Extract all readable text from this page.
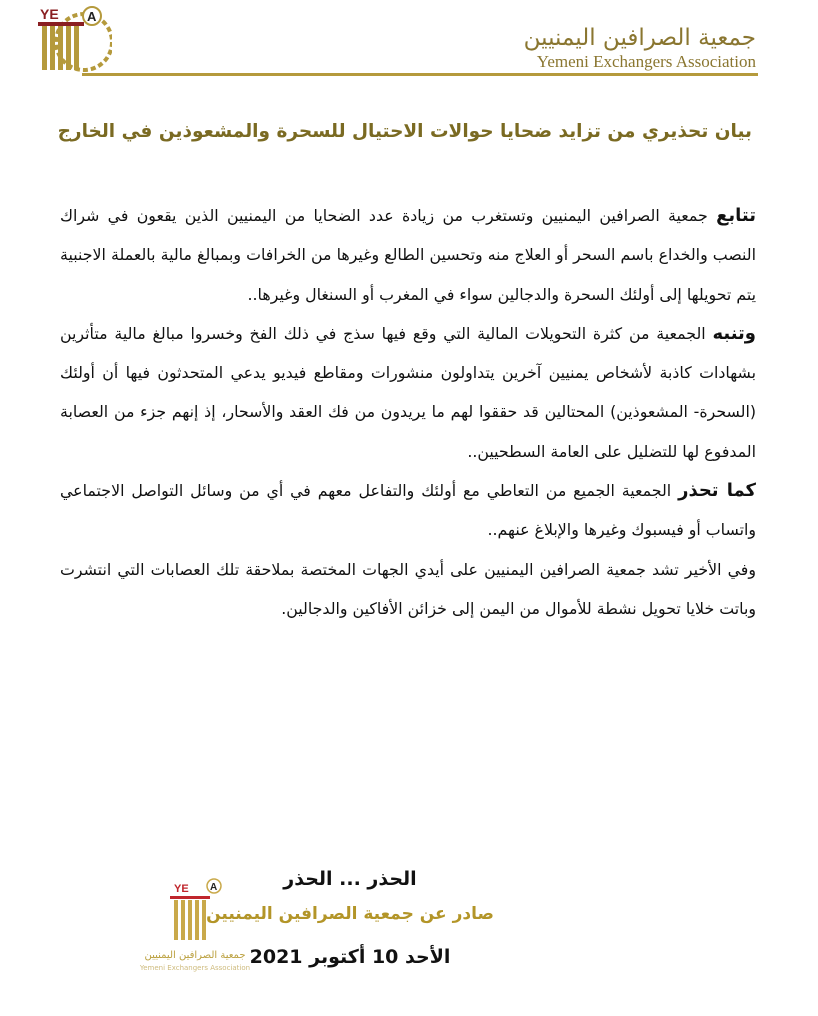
YE A
جمعية الصرافين اليمنيين
Yemeni Exchangers Association
بيان تحذيري من تزايد ضحايا حوالات الاحتيال للسحرة والمشعوذين في الخارج

تتابع جمعية الصرافين اليمنيين وتستغرب من زيادة عدد الضحايا من اليمنيين الذين يقعون في شراك النصب والخداع باسم السحر أو العلاج منه وتحسين الطالع وغيرها من الخرافات وبمبالغ مالية بالعملة الاجنبية يتم تحويلها إلى أولئك السحرة والدجالين سواء في المغرب أو السنغال وغيرها..

وتنبه الجمعية من كثرة التحويلات المالية التي وقع فيها سذج في ذلك الفخ وخسروا مبالغ مالية متأثرين بشهادات كاذبة لأشخاص يمنيين آخرين يتداولون منشورات ومقاطع فيديو يدعي المتحدثون فيها أن أولئك (السحرة- المشعوذين) المحتالين قد حققوا لهم ما يريدون من فك العقد والأسحار، إذ إنهم جزء من العصابة المدفوع لها للتضليل على العامة السطحيين..

كما تحذر الجمعية الجميع من التعاطي مع أولئك والتفاعل معهم في أي من وسائل التواصل الاجتماعي واتساب أو فيسبوك وغيرها والإبلاغ عنهم..

وفي الأخير تشد جمعية الصرافين اليمنيين على أيدي الجهات المختصة بملاحقة تلك العصابات التي انتشرت وباتت خلايا تحويل نشطة للأموال من اليمن إلى خزائن الأفاكين والدجالين.

YE A
جمعية الصرافين اليمنيين
Yemeni Exchangers Association
الحذر ... الحذر
صادر عن جمعية الصرافين اليمنيين
الأحد 10 أكتوبر 2021
